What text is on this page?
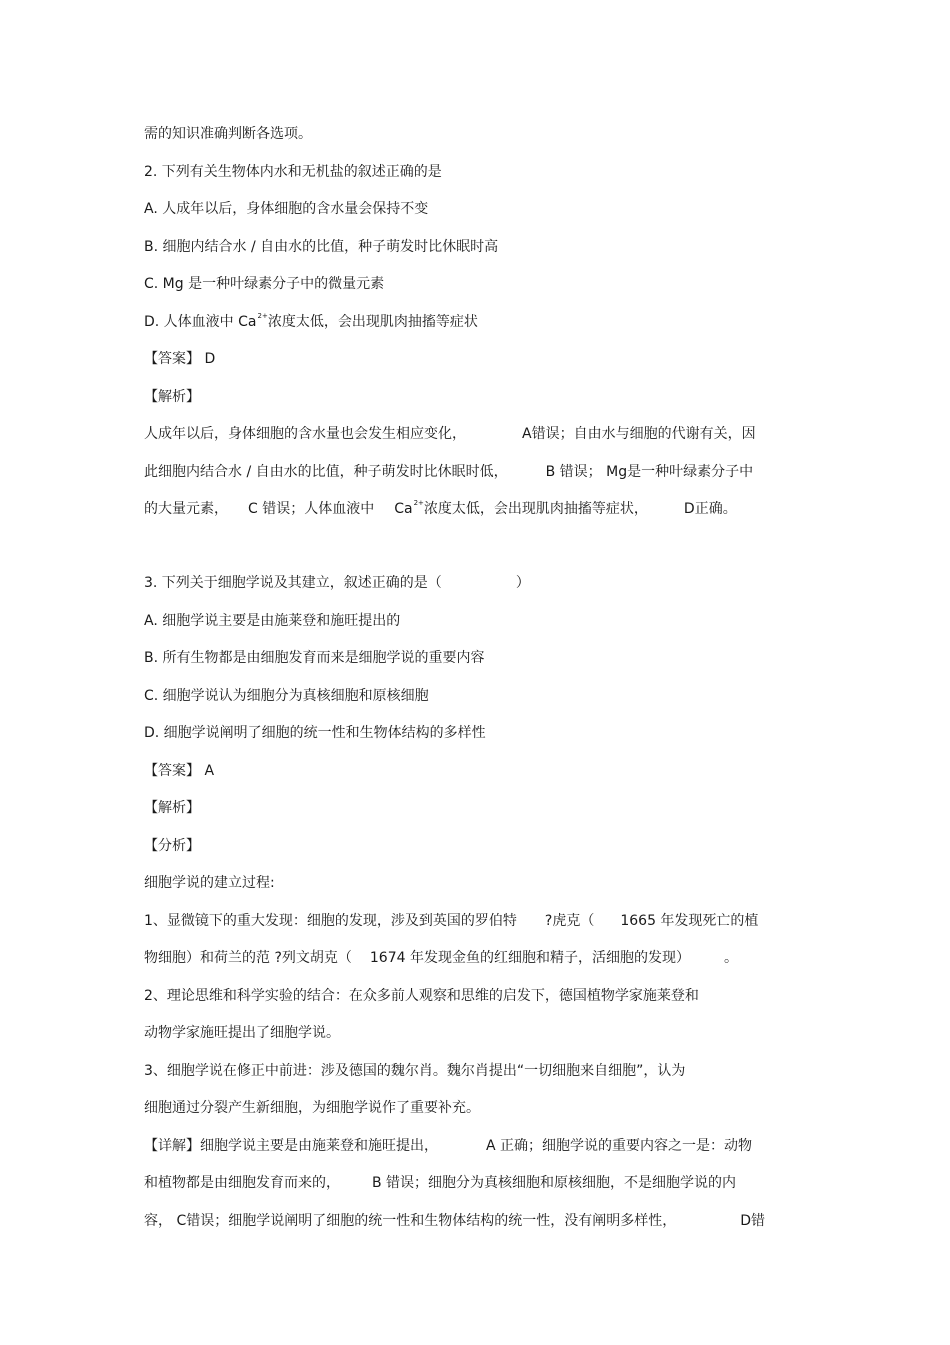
需的知识准确判断各选项。
2. 下列有关生物体内水和无机盐的叙述正确的是
A. 人成年以后，身体细胞的含水量会保持不变
B. 细胞内结合水 / 自由水的比值，种子萌发时比休眠时高
C. Mg 是一种叶绿素分子中的微量元素
D. 人体血液中 $Ca^{2+}$浓度太低，会出现肌肉抽搐等症状
【答案】 D
【解析】
人成年以后，身体细胞的含水量也会发生相应变化，	A错误；自由水与细胞的代谢有关，因
此细胞内结合水 / 自由水的比值，种子萌发时比休眠时低，	B 错误； Mg是一种叶绿素分子中
的大量元素， C 错误；人体血液中 $Ca^{2+}$浓度太低，会出现肌肉抽搐等症状，	D正确。
3. 下列关于细胞学说及其建立，叙述正确的是（	）
A. 细胞学说主要是由施莱登和施旺提出的
B. 所有生物都是由细胞发育而来是细胞学说的重要内容
C. 细胞学说认为细胞分为真核细胞和原核细胞
D. 细胞学说阐明了细胞的统一性和生物体结构的多样性
【答案】 A
【解析】
【分析】
细胞学说的建立过程:
1、显微镜下的重大发现：细胞的发现，涉及到英国的罗伯特 ?虎克（ 1665 年发现死亡的植
物细胞）和荷兰的范 ?列文胡克（ 1674 年发现金鱼的红细胞和精子，活细胞的发现） 。
2、理论思维和科学实验的结合：在众多前人观察和思维的启发下，德国植物学家施莱登和
动物学家施旺提出了细胞学说。
3、细胞学说在修正中前进：涉及德国的魏尔肖。魏尔肖提出“一切细胞来自细胞”，认为
细胞通过分裂产生新细胞，为细胞学说作了重要补充。
【详解】细胞学说主要是由施莱登和施旺提出，	A 正确；细胞学说的重要内容之一是：动物
和植物都是由细胞发育而来的， B 错误；细胞分为真核细胞和原核细胞，不是细胞学说的内
容， C错误；细胞学说阐明了细胞的统一性和生物体结构的统一性，没有阐明多样性，	D错
